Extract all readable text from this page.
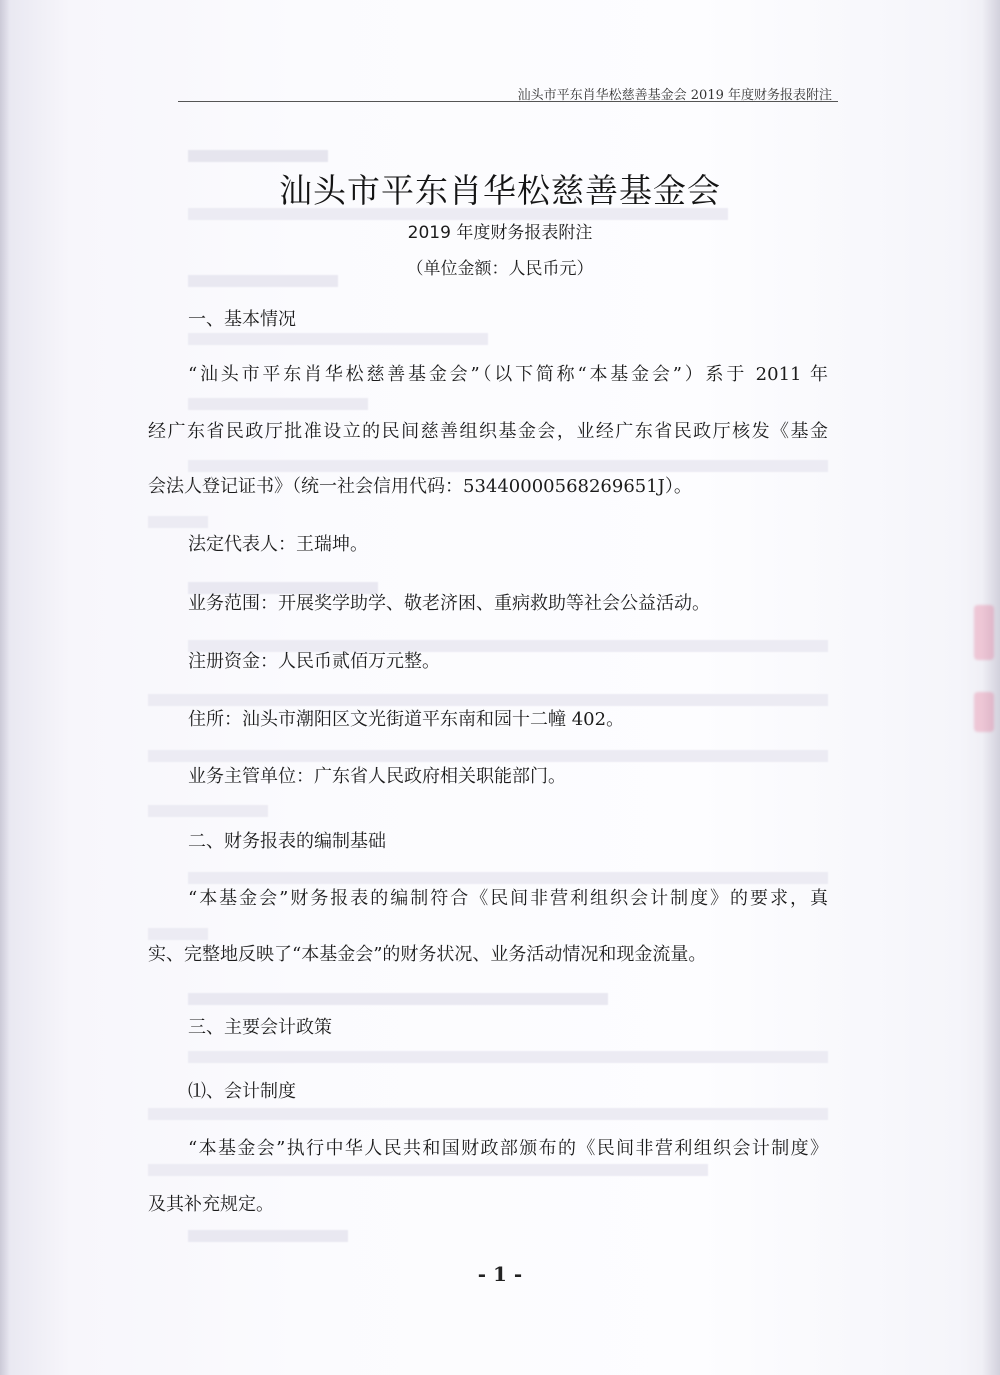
汕头市平东肖华松慈善基金会 2019 年度财务报表附注
汕头市平东肖华松慈善基金会
2019 年度财务报表附注
（单位金额：人民币元）
一、基本情况
“汕头市平东肖华松慈善基金会”（以下简称“本基金会”）系于 2011 年
经广东省民政厅批准设立的民间慈善组织基金会，业经广东省民政厅核发《基金
会法人登记证书》（统一社会信用代码：53440000568269651J）。
法定代表人：王瑞坤。
业务范围：开展奖学助学、敬老济困、重病救助等社会公益活动。
注册资金：人民币贰佰万元整。
住所：汕头市潮阳区文光街道平东南和园十二幢 402。
业务主管单位：广东省人民政府相关职能部门。
二、财务报表的编制基础
“本基金会”财务报表的编制符合《民间非营利组织会计制度》的要求，真
实、完整地反映了“本基金会”的财务状况、业务活动情况和现金流量。
三、主要会计政策
⑴、会计制度
“本基金会”执行中华人民共和国财政部颁布的《民间非营利组织会计制度》
及其补充规定。
- 1 -
